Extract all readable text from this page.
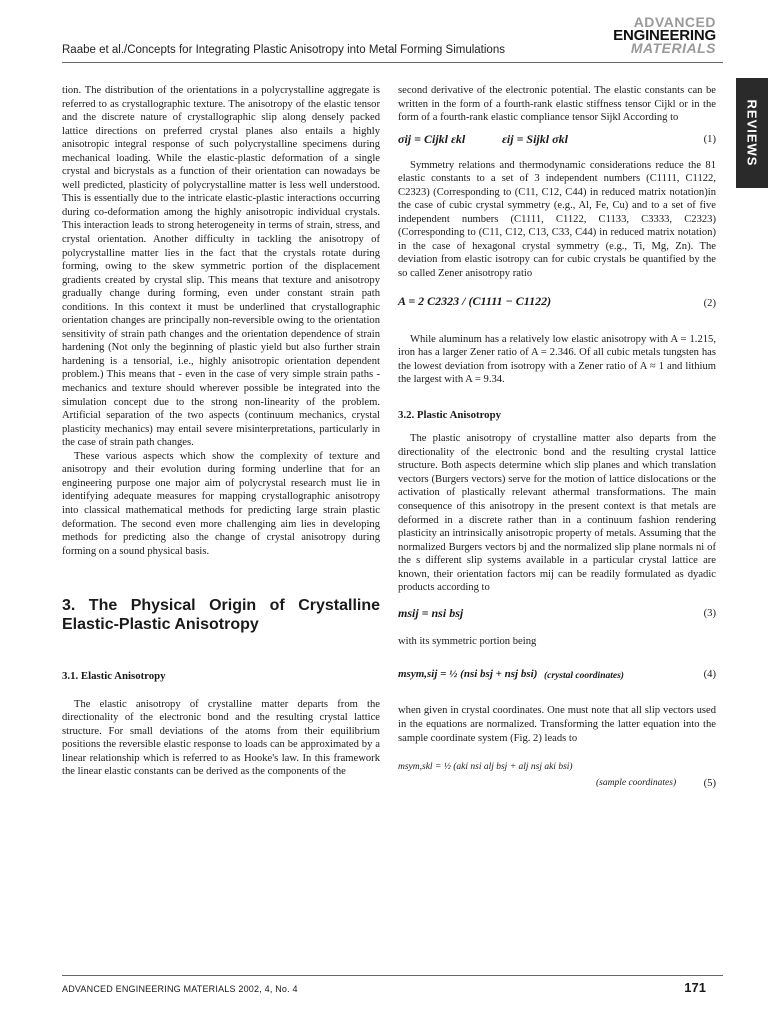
Raabe et al./Concepts for Integrating Plastic Anisotropy into Metal Forming Simulations
ADVANCED
ENGINEERING
MATERIALS
REVIEWS

tion. The distribution of the orientations in a polycrystalline aggregate is referred to as crystallographic texture. The anisotropy of the elastic tensor and the discrete nature of crystallographic slip along densely packed lattice directions on preferred crystal planes also entails a highly anisotropic integral response of such polycrystalline specimens during mechanical loading. While the elastic-plastic deformation of a single crystal and bicrystals as a function of their orientation can nowadays be well predicted, plasticity of polycrystalline matter is less well understood. This is essentially due to the intricate elastic-plastic interactions occurring during co-deformation among the highly anisotropic individual crystals. This interaction leads to strong heterogeneity in terms of strain, stress, and crystal orientation. Another difficulty in tackling the anisotropy of polycrystalline matter lies in the fact that the crystals rotate during forming, owing to the skew symmetric portion of the displacement gradients created by crystal slip. This means that texture and anisotropy gradually change during forming, even under constant strain path conditions. In this context it must be underlined that crystallographic orientation changes are principally non-reversible owing to the orientation sensitivity of strain path changes and the orientation dependence of strain hardening (Not only the beginning of plastic yield but also further strain hardening is a tensorial, i.e., highly anisotropic orientation dependent problem.) This means that - even in the case of very simple strain paths - mechanics and texture should wherever possible be integrated into the simulation concept due to the strong non-linearity of the problem. Artificial separation of the two aspects (continuum mechanics, crystal plasticity mechanics) may entail severe misinterpretations, particularly in the case of strain path changes.

These various aspects which show the complexity of texture and anisotropy and their evolution during forming underline that for an engineering purpose one major aim of polycrystal research must lie in identifying adequate measures for mapping crystallographic anisotropy into classical mathematical methods for predicting large strain plastic deformation. The second even more challenging aim lies in developing methods for predicting also the change of crystal anisotropy during forming on a sound physical basis.

3. The Physical Origin of Crystalline Elastic-Plastic Anisotropy
3.1. Elastic Anisotropy

The elastic anisotropy of crystalline matter departs from the directionality of the electronic bond and the resulting crystal lattice structure. For small deviations of the atoms from their equilibrium positions the reversible elastic response to loads can be approximated by a linear relationship which is referred to as Hooke's law. In this framework the linear elastic constants can be derived as the components of the

second derivative of the electronic potential. The elastic constants can be written in the form of a fourth-rank elastic stiffness tensor Cijkl or in the form of a fourth-rank elastic compliance tensor Sijkl According to

σij = Cijkl εkl	εij = Sijkl σkl	(1)

Symmetry relations and thermodynamic considerations reduce the 81 elastic constants to a set of 3 independent numbers (C1111, C1122, C2323) (Corresponding to (C11, C12, C44) in reduced matrix notation)in the case of cubic crystal symmetry (e.g., Al, Fe, Cu) and to a set of five independent numbers (C1111, C1122, C1133, C3333, C2323) (Corresponding to (C11, C12, C13, C33, C44) in reduced matrix notation) in the case of hexagonal crystal symmetry (e.g., Ti, Mg, Zn). The deviation from elastic isotropy can for cubic crystals be quantified by the so called Zener anisotropy ratio

A = 2 C2323 / (C1111 − C1122)	(2)

While aluminum has a relatively low elastic anisotropy with A = 1.215, iron has a larger Zener ratio of A = 2.346. Of all cubic metals tungsten has the lowest deviation from isotropy with a Zener ratio of A ≈ 1 and lithium the largest with A = 9.34.

3.2. Plastic Anisotropy

The plastic anisotropy of crystalline matter also departs from the directionality of the electronic bond and the resulting crystal lattice structure. Both aspects determine which slip planes and which translation vectors (Burgers vectors) serve for the motion of lattice dislocations or the activation of plastically relevant athermal transformations. The main consequence of this anisotropy in the present context is that metals are deformed in a discrete rather than in a continuum fashion rendering plasticity an intrinsically anisotropic property of metals. Assuming that the normalized Burgers vectors bj and the normalized slip plane normals ni of the s different slip systems available in a particular crystal lattice are known, their orientation factors mij can be readily formulated as dyadic products according to

msij = nsi bsj	(3)

with its symmetric portion being

msym,sij = ½ (nsi bsj + nsj bsi) (crystal coordinates)	(4)

when given in crystal coordinates. One must note that all slip vectors used in the equations are normalized. Transforming the latter equation into the sample coordinate system (Fig. 2) leads to

msym,skl = ½ (aki nsi alj bsj + alj nsj aki bsi)
(sample coordinates)	(5)
ADVANCED ENGINEERING MATERIALS 2002, 4, No. 4	171
